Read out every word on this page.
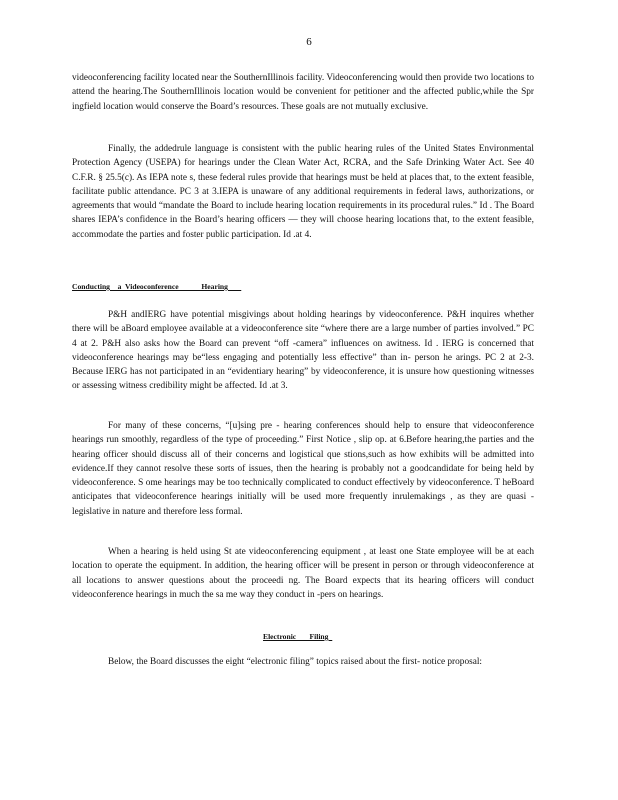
6

videoconferencing facility located near the SouthernIllinois facility. Videoconferencing would then provide two locations to attend the hearing.The SouthernIllinois location would be convenient for petitioner and the affected public,while the Spr ingfield location would conserve the Board’s resources. These goals are not mutually exclusive.

Finally, the addedrule language is consistent with the public hearing rules of the United States Environmental Protection Agency (USEPA) for hearings under the Clean Water Act, RCRA, and the Safe Drinking Water Act. See 40 C.F.R. § 25.5(c). As IEPA note s, these federal rules provide that hearings must be held at places that, to the extent feasible, facilitate public attendance. PC 3 at 3.IEPA is unaware of any additional requirements in federal laws, authorizations, or agreements that would “mandate the Board to include hearing location requirements in its procedural rules.” Id . The Board shares IEPA’s confidence in the Board’s hearing officers — they will choose hearing locations that, to the extent feasible, accommodate the parties and foster public participation. Id .at 4.

Conducting    a  Videoconference            Hearing

P&H andIERG have potential misgivings about holding hearings by videoconference. P&H inquires whether there will be aBoard employee available at a videoconference site “where there are a large number of parties involved.” PC 4 at 2. P&H also asks how the Board can prevent “off -camera” influences on awitness. Id . IERG is concerned that videoconference hearings may be“less engaging and potentially less effective” than in- person he arings. PC 2 at 2-3. Because IERG has not participated in an “evidentiary hearing” by videoconference, it is unsure how questioning witnesses or assessing witness credibility might be affected. Id .at 3.

For many of these concerns, “[u]sing pre - hearing conferences should help to ensure that videoconference hearings run smoothly, regardless of the type of proceeding.” First Notice , slip op. at 6.Before hearing,the parties and the hearing officer should discuss all of their concerns and logistical que stions,such as how exhibits will be admitted into evidence.If they cannot resolve these sorts of issues, then the hearing is probably not a goodcandidate for being held by videoconference. S ome hearings may be too technically complicated to conduct effectively by videoconference. T heBoard anticipates that videoconference hearings initially will be used more frequently inrulemakings , as they are quasi - legislative in nature and therefore less formal.

When a hearing is held using St ate videoconferencing equipment , at least one State employee will be at each location to operate the equipment. In addition, the hearing officer will be present in person or through videoconference at all locations to answer questions about the proceedi ng. The Board expects that its hearing officers will conduct videoconference hearings in much the sa me way they conduct in -pers on hearings.

Electronic       Filing

Below, the Board discusses the eight “electronic filing” topics raised about the first- notice proposal:
